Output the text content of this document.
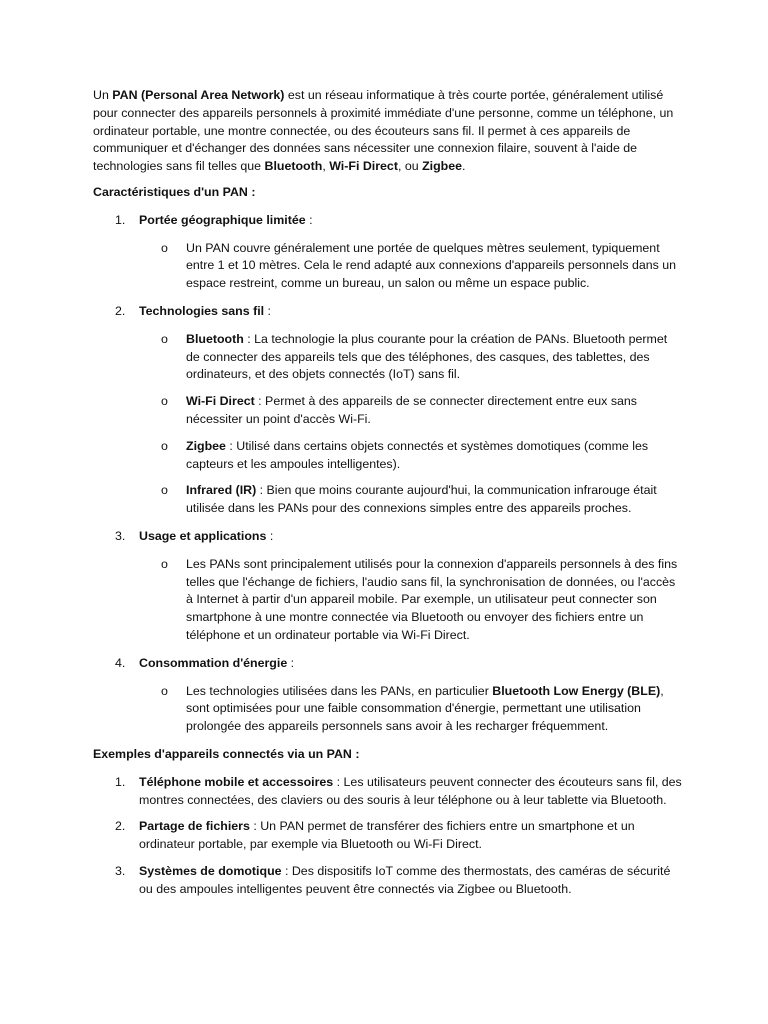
Un PAN (Personal Area Network) est un réseau informatique à très courte portée, généralement utilisé pour connecter des appareils personnels à proximité immédiate d'une personne, comme un téléphone, un ordinateur portable, une montre connectée, ou des écouteurs sans fil. Il permet à ces appareils de communiquer et d'échanger des données sans nécessiter une connexion filaire, souvent à l'aide de technologies sans fil telles que Bluetooth, Wi-Fi Direct, ou Zigbee.

Caractéristiques d'un PAN :

1. Portée géographique limitée :
o Un PAN couvre généralement une portée de quelques mètres seulement, typiquement entre 1 et 10 mètres. Cela le rend adapté aux connexions d'appareils personnels dans un espace restreint, comme un bureau, un salon ou même un espace public.
2. Technologies sans fil :
o Bluetooth : La technologie la plus courante pour la création de PANs. Bluetooth permet de connecter des appareils tels que des téléphones, des casques, des tablettes, des ordinateurs, et des objets connectés (IoT) sans fil.
o Wi-Fi Direct : Permet à des appareils de se connecter directement entre eux sans nécessiter un point d'accès Wi-Fi.
o Zigbee : Utilisé dans certains objets connectés et systèmes domotiques (comme les capteurs et les ampoules intelligentes).
o Infrared (IR) : Bien que moins courante aujourd'hui, la communication infrarouge était utilisée dans les PANs pour des connexions simples entre des appareils proches.
3. Usage et applications :
o Les PANs sont principalement utilisés pour la connexion d'appareils personnels à des fins telles que l'échange de fichiers, l'audio sans fil, la synchronisation de données, ou l'accès à Internet à partir d'un appareil mobile. Par exemple, un utilisateur peut connecter son smartphone à une montre connectée via Bluetooth ou envoyer des fichiers entre un téléphone et un ordinateur portable via Wi-Fi Direct.
4. Consommation d'énergie :
o Les technologies utilisées dans les PANs, en particulier Bluetooth Low Energy (BLE), sont optimisées pour une faible consommation d'énergie, permettant une utilisation prolongée des appareils personnels sans avoir à les recharger fréquemment.

Exemples d'appareils connectés via un PAN :

1. Téléphone mobile et accessoires : Les utilisateurs peuvent connecter des écouteurs sans fil, des montres connectées, des claviers ou des souris à leur téléphone ou à leur tablette via Bluetooth.
2. Partage de fichiers : Un PAN permet de transférer des fichiers entre un smartphone et un ordinateur portable, par exemple via Bluetooth ou Wi-Fi Direct.
3. Systèmes de domotique : Des dispositifs IoT comme des thermostats, des caméras de sécurité ou des ampoules intelligentes peuvent être connectés via Zigbee ou Bluetooth.
